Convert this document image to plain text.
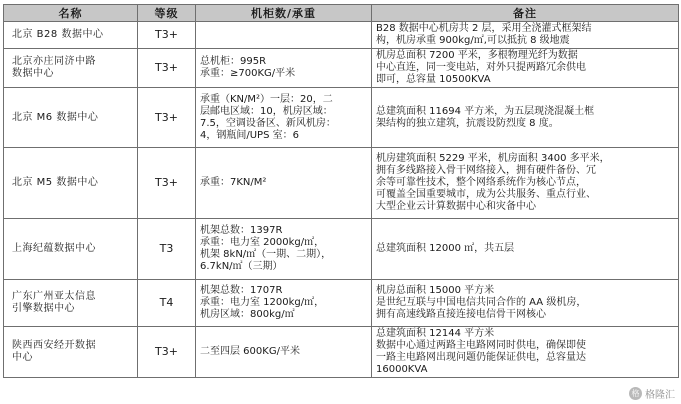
名称	等级	机柜数/承重	备注

北京 B28 数据中心	T3+		B28 数据中心机房共 2 层，采用全浇灌式框架结
构，机房承重 900kg/㎡,可以抵抗 8 级地震

北京亦庄同济中路
数据中心	T3+	总机柜：995R
承重：≥700KG/平米	机房总面积 7200 平米，多根物理光纤为数据
中心直连，同一变电站，对外只提两路冗余供电
即可，总容量 10500KVA

北京 M6 数据中心	T3+	承重（KN/M²）一层：20，二
层邮电区域：10，机房区域：
7.5，空调设备区、新风机房：
4，钢瓶间/UPS 室：6	总建筑面积 11694 平方米，为五层现浇混凝土框
架结构的独立建筑，抗震设防烈度 8 度。

北京 M5 数据中心	T3+	承重：7KN/M²	机房建筑面积 5229 平米，机房面积 3400 多平米，
拥有多线路接入骨干网络接入，拥有硬件备份、冗
余等可靠性技术，整个网络系统作为核心节点，
可覆盖全国重要城市，成为公共服务、重点行业、
大型企业云计算数据中心和灾备中心

上海纪蕴数据中心	T3	机架总数：1397R
承重：电力室 2000kg/㎡，
机架 8kN/㎡（一期、二期），
6.7kN/㎡（三期）	总建筑面积 12000 ㎡，共五层

广东广州亚太信息
引擎数据中心	T4	机架总数：1707R
承重：电力室 1200kg/㎡，
机房区域：800kg/㎡	机房总面积 15000 平方米
是世纪互联与中国电信共同合作的 AA 级机房，
拥有高速线路直接连接电信骨干网核心

陕西西安经开数据
中心	T3+	二至四层 600KG/平米	总建筑面积 12144 平方米
数据中心通过两路主电路网同时供电，确保即使
一路主电路网出现问题仍能保证供电，总容量达
16000KVA
格 格隆汇
